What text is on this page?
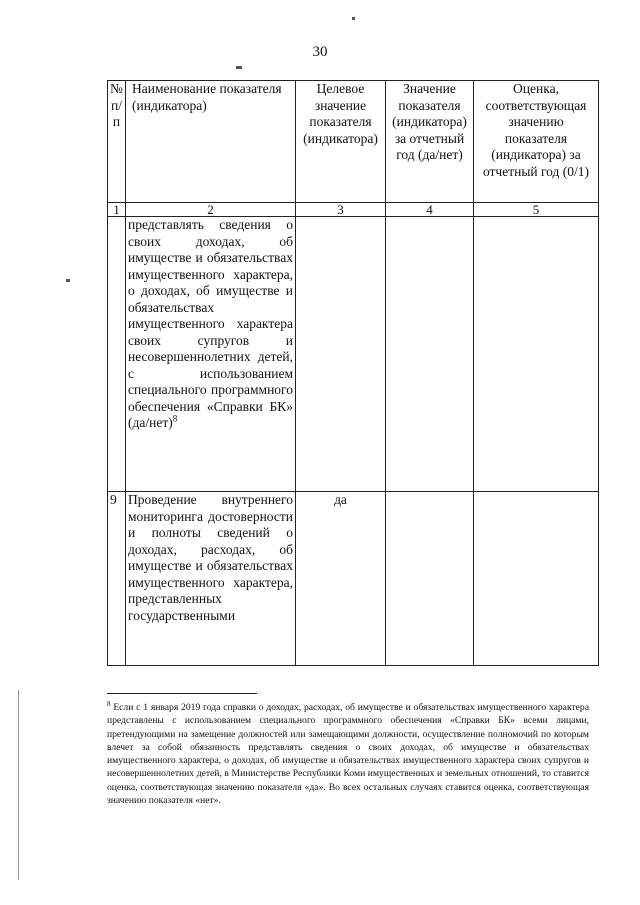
30
№ п/п	Наименование показателя (индикатора)	Целевое значение показателя (индикатора)	Значение показателя (индикатора) за отчетный год (да/нет)	Оценка, соответствующая значению показателя (индикатора) за отчетный год (0/1)
1	2	3	4	5
	представлять сведения о своих доходах, об имуществе и обязательствах имущественного характера, о доходах, об имуществе и обязательствах имущественного характера своих супругов и несовершеннолетних детей, с использованием специального программного обеспечения «Справки БК» $(да/нет)^8$			
9	Проведение внутреннего мониторинга достоверности и полноты сведений о доходах, расходах, об имуществе и обязательствах имущественного характера, представленных государственными	да		
$^8$ Если с 1 января 2019 года справки о доходах, расходах, об имуществе и обязательствах имущественного характера представлены с использованием специального программного обеспечения «Справки БК» всеми лицами, претендующими на замещение должностей или замещающими должности, осуществление полномочий по которым влечет за собой обязанность представлять сведения о своих доходах, об имуществе и обязательствах имущественного характера, о доходах, об имуществе и обязательствах имущественного характера своих супругов и несовершеннолетних детей, в Министерстве Республики Коми имущественных и земельных отношений, то ставится оценка, соответствующая значению показателя «да». Во всех остальных случаях ставится оценка, соответствующая значению показателя «нет».
